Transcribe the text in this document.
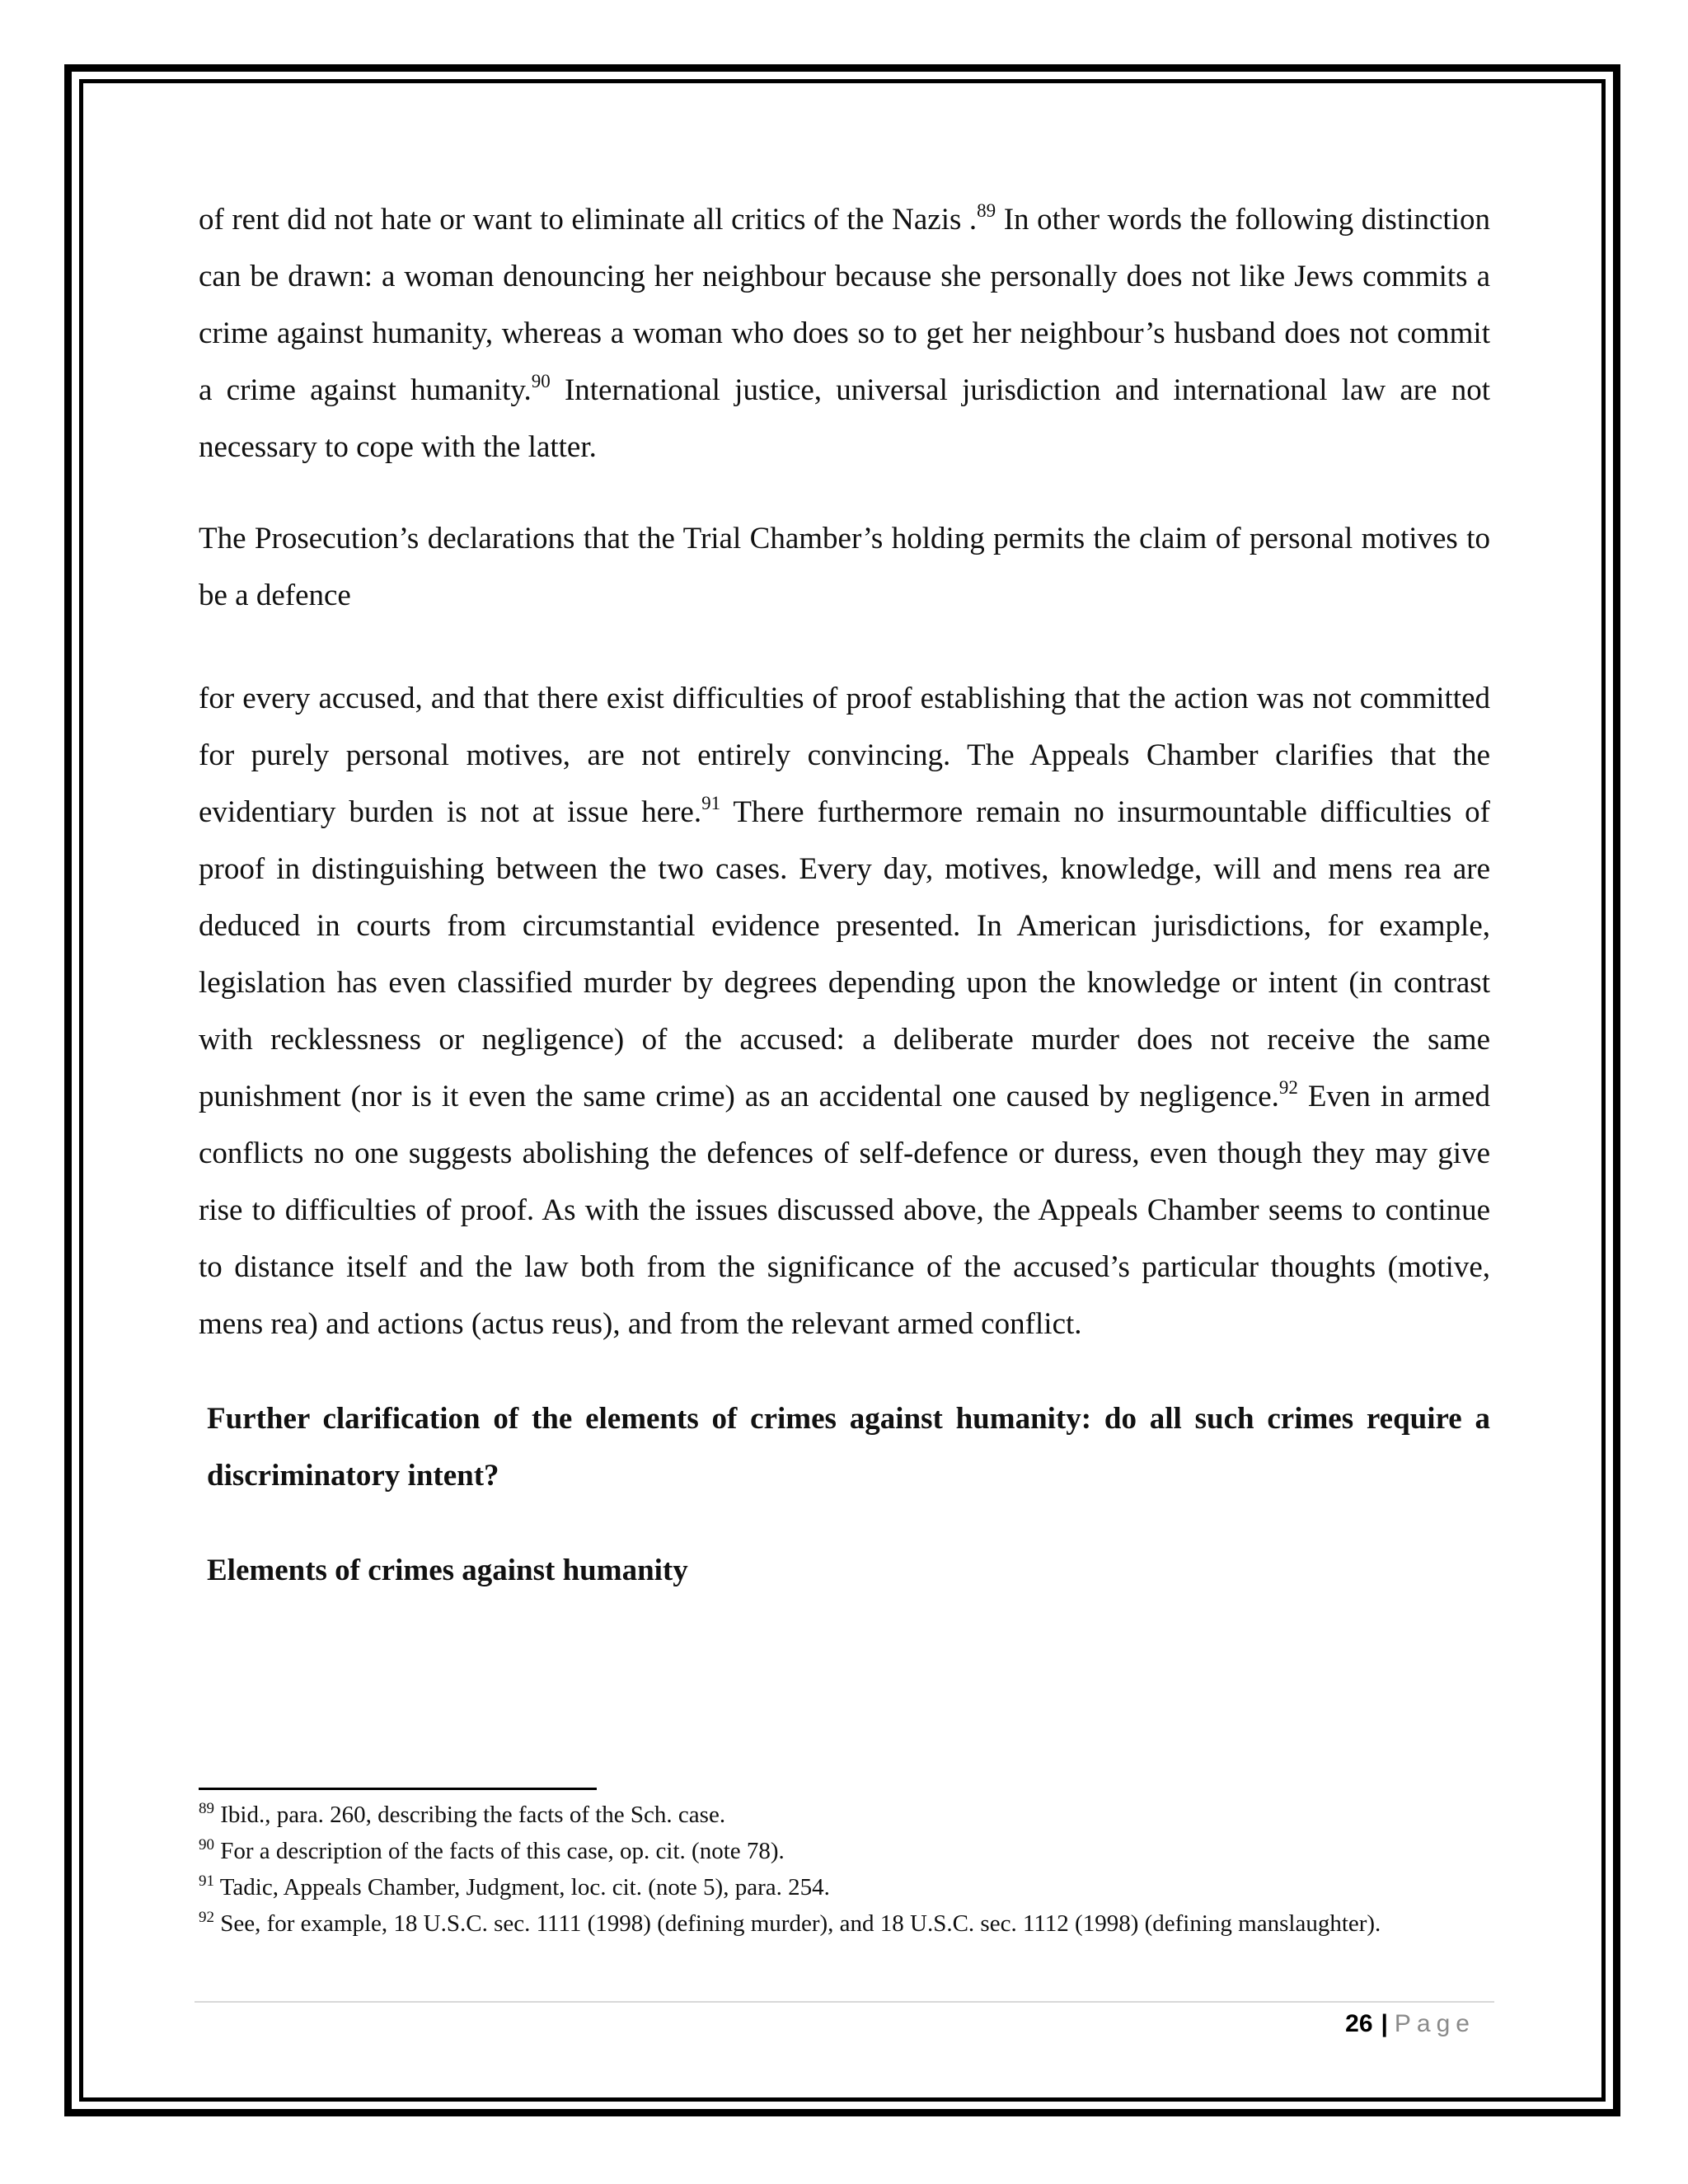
of rent did not hate or want to eliminate all critics of the Nazis .$^{89}$ In other words the following distinction can be drawn: a woman denouncing her neighbour because she personally does not like Jews commits a crime against humanity, whereas a woman who does so to get her neighbour’s husband does not commit a crime against humanity.$^{90}$ International justice, universal jurisdiction and international law are not necessary to cope with the latter.

The Prosecution’s declarations that the Trial Chamber’s holding permits the claim of personal motives to be a defence

for every accused, and that there exist difficulties of proof establishing that the action was not committed for purely personal motives, are not entirely convincing. The Appeals Chamber clarifies that the evidentiary burden is not at issue here.$^{91}$ There furthermore remain no insurmountable difficulties of proof in distinguishing between the two cases. Every day, motives, knowledge, will and mens rea are deduced in courts from circumstantial evidence presented. In American jurisdictions, for example, legislation has even classified murder by degrees depending upon the knowledge or intent (in contrast with recklessness or negligence) of the accused: a deliberate murder does not receive the same punishment (nor is it even the same crime) as an accidental one caused by negligence.$^{92}$ Even in armed conflicts no one suggests abolishing the defences of self-defence or duress, even though they may give rise to difficulties of proof. As with the issues discussed above, the Appeals Chamber seems to continue to distance itself and the law both from the significance of the accused’s particular thoughts (motive, mens rea) and actions (actus reus), and from the relevant armed conflict.

Further clarification of the elements of crimes against humanity: do all such crimes require a discriminatory intent?

Elements of crimes against humanity

$^{89}$ Ibid., para. 260, describing the facts of the Sch. case.

$^{90}$ For a description of the facts of this case, op. cit. (note 78).

$^{91}$ Tadic, Appeals Chamber, Judgment, loc. cit. (note 5), para. 254.

$^{92}$ See, for example, 18 U.S.C. sec. 1111 (1998) (defining murder), and 18 U.S.C. sec. 1112 (1998) (defining manslaughter).

26 | Page
